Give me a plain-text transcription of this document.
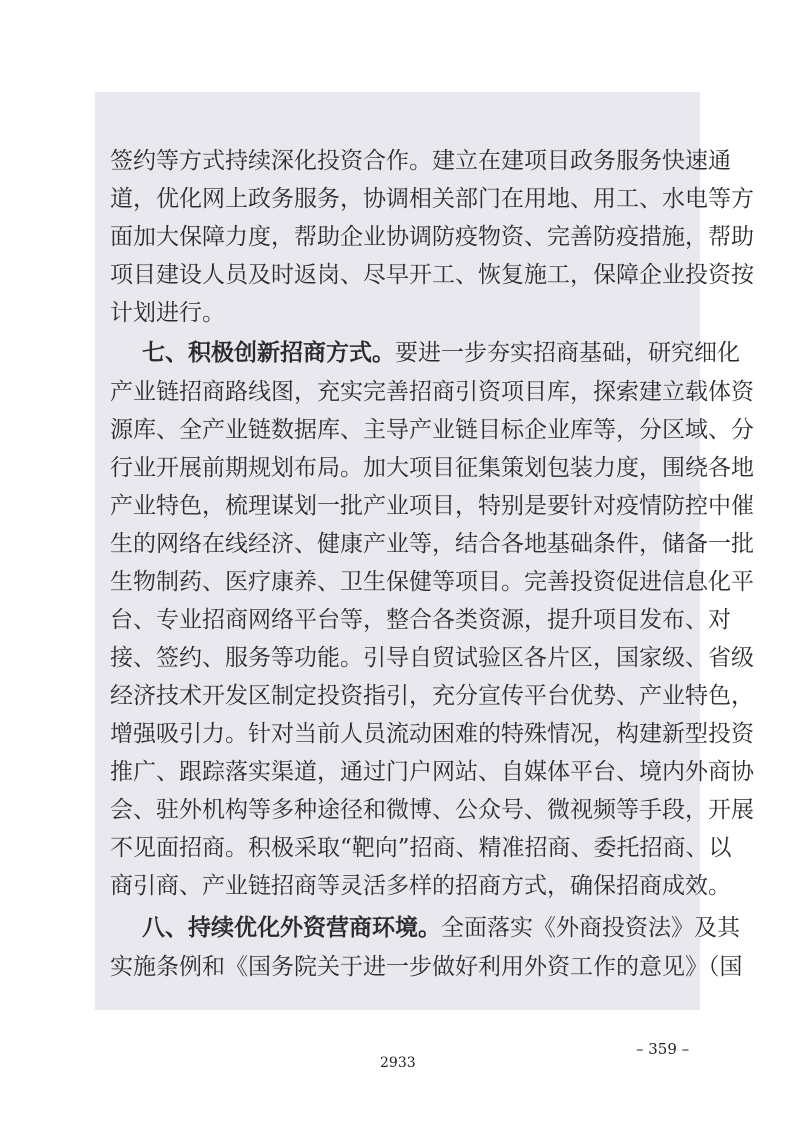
签约等方式持续深化投资合作。建立在建项目政务服务快速通
道，优化网上政务服务，协调相关部门在用地、用工、水电等方
面加大保障力度，帮助企业协调防疫物资、完善防疫措施，帮助
项目建设人员及时返岗、尽早开工、恢复施工，保障企业投资按
计划进行。
七、积极创新招商方式。要进一步夯实招商基础，研究细化
产业链招商路线图，充实完善招商引资项目库，探索建立载体资
源库、全产业链数据库、主导产业链目标企业库等，分区域、分
行业开展前期规划布局。加大项目征集策划包装力度，围绕各地
产业特色，梳理谋划一批产业项目，特别是要针对疫情防控中催
生的网络在线经济、健康产业等，结合各地基础条件，储备一批
生物制药、医疗康养、卫生保健等项目。完善投资促进信息化平
台、专业招商网络平台等，整合各类资源，提升项目发布、对
接、签约、服务等功能。引导自贸试验区各片区，国家级、省级
经济技术开发区制定投资指引，充分宣传平台优势、产业特色，
增强吸引力。针对当前人员流动困难的特殊情况，构建新型投资
推广、跟踪落实渠道，通过门户网站、自媒体平台、境内外商协
会、驻外机构等多种途径和微博、公众号、微视频等手段，开展
不见面招商。积极采取“靶向”招商、精准招商、委托招商、以
商引商、产业链招商等灵活多样的招商方式，确保招商成效。
八、持续优化外资营商环境。全面落实《外商投资法》及其
实施条例和《国务院关于进一步做好利用外资工作的意见》（国
– 359 –
2933
